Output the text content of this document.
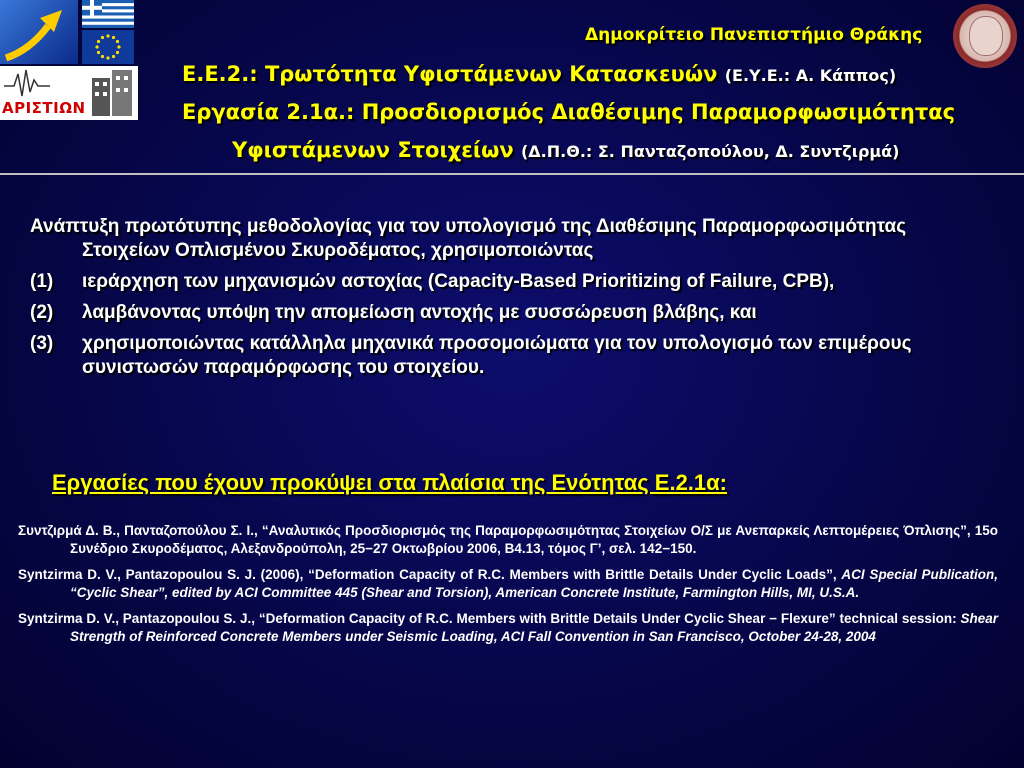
ΑΡΙΣΤΙΩΝ
Δημοκρίτειο Πανεπιστήμιο Θράκης
Ε.Ε.2.: Τρωτότητα Υφιστάμενων Κατασκευών (Ε.Υ.Ε.: Α. Κάππος)
Εργασία 2.1α.: Προσδιορισμός Διαθέσιμης Παραμορφωσιμότητας
Υφιστάμενων Στοιχείων (Δ.Π.Θ.: Σ. Πανταζοπούλου, Δ. Συντζιρμά)

Ανάπτυξη πρωτότυπης μεθοδολογίας για τον υπολογισμό της Διαθέσιμης Παραμορφωσιμότητας Στοιχείων Οπλισμένου Σκυροδέματος, χρησιμοποιώντας

(1) ιεράρχηση των μηχανισμών αστοχίας (Capacity-Based Prioritizing of Failure, CPB),

(2) λαμβάνοντας υπόψη την απομείωση αντοχής με συσσώρευση βλάβης, και

(3) χρησιμοποιώντας κατάλληλα μηχανικά προσομοιώματα για τον υπολογισμό των επιμέρους συνιστωσών παραμόρφωσης του στοιχείου.

Εργασίες που έχουν προκύψει στα πλαίσια της Ενότητας Ε.2.1α:

Συντζιρμά Δ. Β., Πανταζοπούλου Σ. Ι., “Αναλυτικός Προσδιορισμός της Παραμορφωσιμότητας Στοιχείων Ο/Σ με Ανεπαρκείς Λεπτομέρειες Όπλισης”, 15ο Συνέδριο Σκυροδέματος, Αλεξανδρούπολη, 25−27 Οκτωβρίου 2006, Β4.13, τόμος Γ’, σελ. 142−150.

Syntzirma D. V., Pantazopoulou S. J. (2006), “Deformation Capacity of R.C. Members with Brittle Details Under Cyclic Loads”, ACI Special Publication, “Cyclic Shear”, edited by ACI Committee 445 (Shear and Torsion), American Concrete Institute, Farmington Hills, MI, U.S.A.

Syntzirma D. V., Pantazopoulou S. J., “Deformation Capacity of R.C. Members with Brittle Details Under Cyclic Shear − Flexure” technical session: Shear Strength of Reinforced Concrete Members under Seismic Loading, ACI Fall Convention in San Francisco, October 24-28, 2004
